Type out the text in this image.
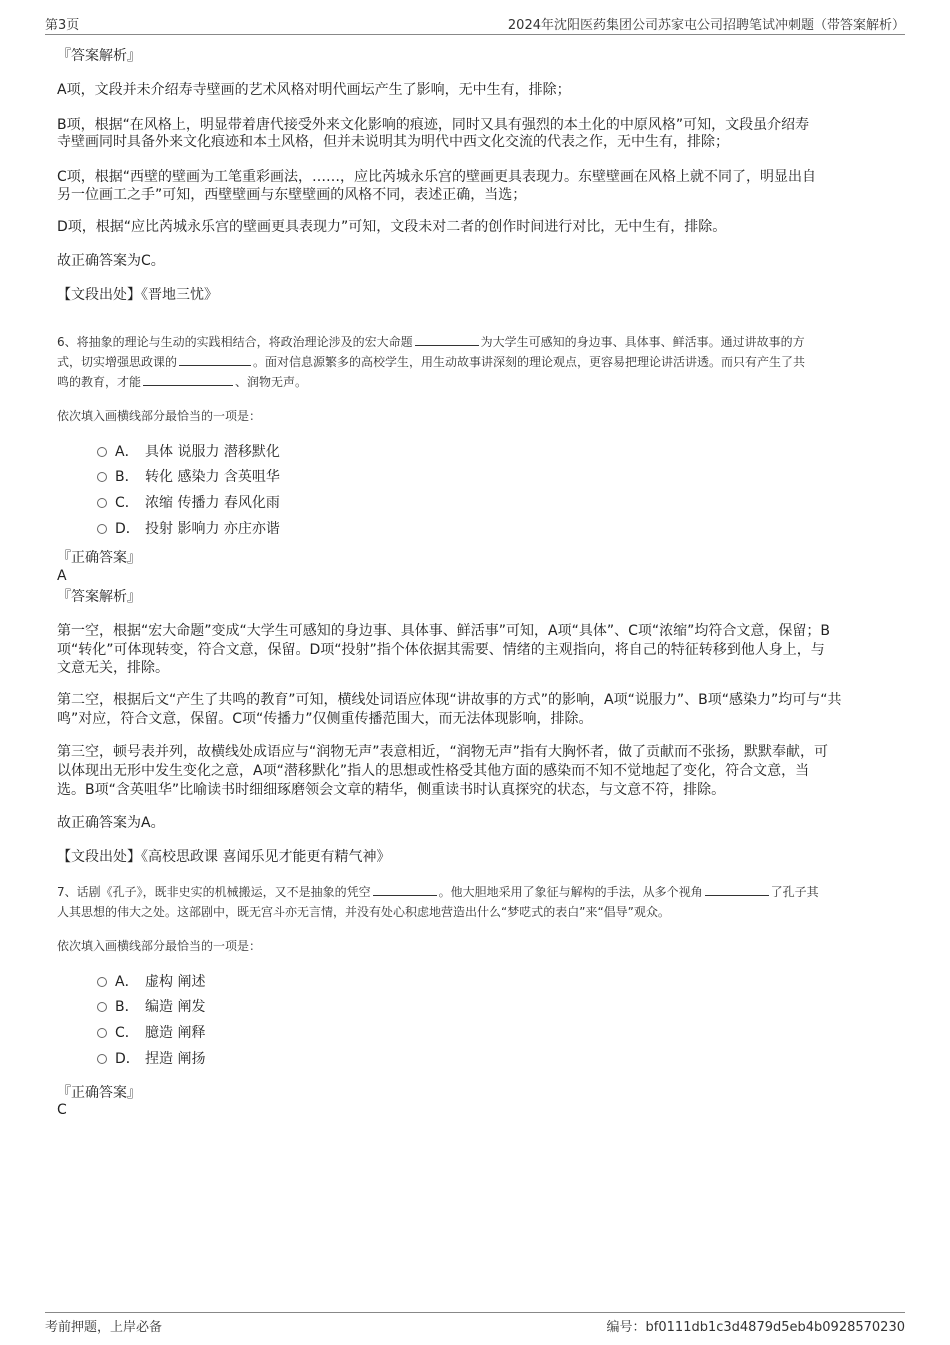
第3页	2024年沈阳医药集团公司苏家屯公司招聘笔试冲刺题（带答案解析）
『答案解析』
A项，文段并未介绍寿寺壁画的艺术风格对明代画坛产生了影响，无中生有，排除；
B项，根据“在风格上，明显带着唐代接受外来文化影响的痕迹，同时又具有强烈的本土化的中原风格”可知，文段虽介绍寿
寺壁画同时具备外来文化痕迹和本土风格，但并未说明其为明代中西文化交流的代表之作，无中生有，排除；
C项，根据“西壁的壁画为工笔重彩画法，……，应比芮城永乐宫的壁画更具表现力。东壁壁画在风格上就不同了，明显出自
另一位画工之手”可知，西壁壁画与东壁壁画的风格不同，表述正确，当选；
D项，根据“应比芮城永乐宫的壁画更具表现力”可知，文段未对二者的创作时间进行对比，无中生有，排除。
故正确答案为C。
【文段出处】《晋地三忧》
6、将抽象的理论与生动的实践相结合，将政治理论涉及的宏大命题	为大学生可感知的身边事、具体事、鲜活事。通过讲故事的方
式，切实增强思政课的	。面对信息源繁多的高校学生，用生动故事讲深刻的理论观点，更容易把理论讲活讲透。而只有产生了共
鸣的教育，才能	、润物无声。
依次填入画横线部分最恰当的一项是：
A． 具体 说服力 潜移默化
B． 转化 感染力 含英咀华
C． 浓缩 传播力 春风化雨
D． 投射 影响力 亦庄亦谐
『正确答案』
A
『答案解析』
第一空，根据“宏大命题”变成“大学生可感知的身边事、具体事、鲜活事”可知，A项“具体”、C项“浓缩”均符合文意，保留；B
项“转化”可体现转变，符合文意，保留。D项“投射”指个体依据其需要、情绪的主观指向，将自己的特征转移到他人身上，与
文意无关，排除。
第二空，根据后文“产生了共鸣的教育”可知，横线处词语应体现“讲故事的方式”的影响，A项“说服力”、B项“感染力”均可与“共
鸣”对应，符合文意，保留。C项“传播力”仅侧重传播范围大，而无法体现影响，排除。
第三空，顿号表并列，故横线处成语应与“润物无声”表意相近，“润物无声”指有大胸怀者，做了贡献而不张扬，默默奉献，可
以体现出无形中发生变化之意，A项“潜移默化”指人的思想或性格受其他方面的感染而不知不觉地起了变化，符合文意，当
选。B项“含英咀华”比喻读书时细细琢磨领会文章的精华，侧重读书时认真探究的状态，与文意不符，排除。
故正确答案为A。
【文段出处】《高校思政课 喜闻乐见才能更有精气神》
7、话剧《孔子》，既非史实的机械搬运，又不是抽象的凭空	。他大胆地采用了象征与解构的手法，从多个视角	了孔子其
人其思想的伟大之处。这部剧中，既无宫斗亦无言情，并没有处心积虑地营造出什么“梦呓式的表白”来“倡导”观众。
依次填入画横线部分最恰当的一项是：
A． 虚构 阐述
B． 编造 阐发
C． 臆造 阐释
D． 捏造 阐扬
『正确答案』
C
考前押题，上岸必备	编号：bf0111db1c3d4879d5eb4b0928570230
